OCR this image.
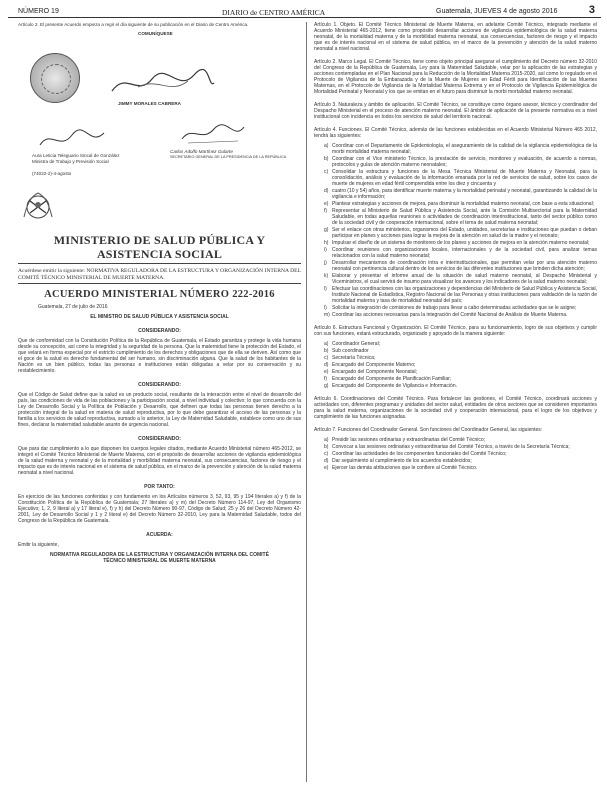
NÚMERO 19	DIARIO de CENTRO AMÉRICA	Guatemala, JUEVES 4 de agosto 2016	3

Artículo 2. El presente Acuerdo empieza a regir el día siguiente de su publicación en el Diario de Centro América.

COMUNÍQUESE
JIMMY MORALES CABRERA
Aura Leticia Teleguario Sincal de González
Ministra de Trabajo y Previsión Social
Carlos Adolfo Martínez Gularte
SECRETARIO GENERAL DE LA PRESIDENCIA DE LA REPÚBLICA
(74022-2)-4-agosto
MINISTERIO DE SALUD PÚBLICA Y ASISTENCIA SOCIAL

Acuérdese emitir la siguiente: NORMATIVA REGULADORA DE LA ESTRUCTURA Y ORGANIZACIÓN INTERNA DEL COMITÉ TÉCNICO MINISTERIAL DE MUERTE MATERNA.

ACUERDO MINISTERIAL NÚMERO 222-2016

Guatemala, 27 de julio de 2016

EL MINISTRO DE SALUD PÚBLICA Y ASISTENCIA SOCIAL

CONSIDERANDO:

Que de conformidad con la Constitución Política de la República de Guatemala, el Estado garantiza y protege la vida humana desde su concepción, así como la integridad y la seguridad de la persona. Que la maternidad tiene la protección del Estado, el que velará en forma especial por el estricto cumplimiento de los derechos y obligaciones que de ella se deriven. Así como que el goce de la salud es derecho fundamental del ser humano, sin discriminación alguna. Que la salud de los habitantes de la Nación es un bien público, todas las personas e instituciones están obligadas a velar por su conservación y su restablecimiento.

CONSIDERANDO:

Que el Código de Salud define que la salud es un producto social, resultante de la interacción entre el nivel de desarrollo del país, las condiciones de vida de las poblaciones y la participación social, a nivel individual y colectivo; lo que concuerda con la Ley de Desarrollo Social y la Política de Población y Desarrollo, que definen que todas las personas tienen derecho a la protección integral de la salud en materia de salud reproductiva, por lo que debe garantizar el acceso de las personas y la familia a los servicios de salud reproductiva, sumado a lo anterior, la Ley de Maternidad Saludable, establece como uno de sus fines, declarar la maternidad saludable asunto de urgencia nacional.

CONSIDERANDO:

Que para dar cumplimiento a lo que disponen los cuerpos legales citados, mediante Acuerdo Ministerial número 465-2012, se integró el Comité Técnico Ministerial de Muerte Materna, con el propósito de desarrollar acciones de vigilancia epidemiológica de la salud materna y neonatal y de la mortalidad y morbilidad materna neonatal, sus consecuencias, factores de riesgo y el impacto que es de interés nacional en el sistema de salud pública, en el marco de la prevención y atención de la salud materna neonatal a nivel nacional.

POR TANTO:

En ejercicio de las funciones conferidas y con fundamento en los Artículos números 3, 52, 93, 95 y 194 literales a) y f) de la Constitución Política de la República de Guatemala; 27 literales a) y m) del Decreto Número 114-97, Ley del Organismo Ejecutivo; 1, 2, 9 literal a) y 17 literal e), f) y h) del Decreto Número 90-97, Código de Salud; 25 y 26 del Decreto Número 42-2001, Ley de Desarrollo Social y 1 y 2 literal e) del Decreto Número 32-2010, Ley para la Maternidad Saludable, todos del Congreso de la República de Guatemala.

ACUERDA:

Emitir la siguiente,

NORMATIVA REGULADORA DE LA ESTRUCTURA Y ORGANIZACIÓN INTERNA DEL COMITÉ TÉCNICO MINISTERIAL DE MUERTE MATERNA

Artículo 1. Objeto. El Comité Técnico Ministerial de Muerte Materna, en adelante Comité Técnico, integrado mediante el Acuerdo Ministerial 465-2012, tiene como propósito desarrollar acciones de vigilancia epidemiológica de la salud materna neonatal, de la mortalidad materna y de la morbilidad materna neonatal, sus consecuencias, factores de riesgo y el impacto que es de interés nacional en el sistema de salud pública, en el marco de la prevención y atención de la salud materno neonatal a nivel nacional.

Artículo 2. Marco Legal. El Comité Técnico, tiene como objeto principal asegurar el cumplimiento del Decreto número 32-2010 del Congreso de la República de Guatemala, Ley para la Maternidad Saludable, velar por la aplicación de las estrategias y acciones contempladas en el Plan Nacional para la Reducción de la Mortalidad Materna 2015-2020, así como lo regulado en el Protocolo de Vigilancia de la Embarazada y de la Muerte de Mujeres en Edad Fértil para Identificación de las Muertes Maternas, en el Protocolo de Vigilancia de la Mortalidad Materna Extrema y en el Protocolo de Vigilancia Epidemiológica de Mortalidad Perinatal y Neonatal y los que se emitan en el futuro para disminuir la morbi mortalidad materno neonatal.

Artículo 3. Naturaleza y ámbito de aplicación. El Comité Técnico, se constituye como órgano asesor, técnico y coordinador del Despacho Ministerial en el proceso de atención materno neonatal. El ámbito de aplicación de la presente normativa es a nivel institucional con incidencia en todos los servicios de salud del territorio nacional.

Artículo 4. Funciones. El Comité Técnico, además de las funciones establecidas en el Acuerdo Ministerial Número 465 2012, tendrá las siguientes:

a) Coordinar con el Departamento de Epidemiología, el aseguramiento de la calidad de la vigilancia epidemiológica de la morbi mortalidad materna neonatal;
b) Coordinar con el Vice ministerio Técnico, la prestación de servicio, monitoreo y evaluación, de acuerdo a normas, protocolos y guías de atención materno neonatales;
c) Consolidar la estructura y funciones de la Mesa Técnica Ministerial de Muerte Materna y Neonatal, para la consolidación, análisis y evaluación de la información emanada por la red de servicios de salud, sobre los casos de muerte de mujeres en edad fértil comprendida entre los diez y cincuenta y
d) cuatro (10 y 54) años, para identificar muerte materna y la mortalidad perinatal y neonatal, garantizando la calidad de la vigilancia e información;
e) Plantear estrategias y acciones de mejora, para disminuir la mortalidad materno neonatal, con base a esta situacional;
f) Representar al Ministerio de Salud Pública y Asistencia Social, ante la Comisión Multisectorial para la Maternidad Saludable, en todas aquellas reuniones o actividades de coordinación interinstitucional, tanto del sector público como de la sociedad civil y de cooperación internacional, sobre el tema de salud materna neonatal;
g) Ser el enlace con otras ministerios, organismos del Estado, unidades, secretarías e instituciones que puedan o deban participar en planes y acciones para lograr la mejora de la atención en salud de la madre y el neonato;
h) Impulsar el diseño de un sistema de monitoreo de los planes y acciones de mejora en la atención materno neonatal;
i) Coordinar reuniones con organizaciones locales, internacionales y de la sociedad civil, para analizar temas relacionados con la salud materno neonatal;
j) Desarrollar mecanismos de coordinación intra e interinstitucionales, que permitan velar por una atención materno neonatal con pertinencia cultural dentro de los servicios de las diferentes instituciones que brinden dicha atención;
k) Elaborar y presentar el informe anual de la situación de salud materno neonatal, al Despacho Ministerial y Viceministros, el cual servirá de insumo para visualizar los avances y los indicadores de la salud materno neonatal;
l) Efectuar las coordinaciones con las organizaciones y dependencias del Ministerio de Salud Pública y Asistencia Social, Instituto Nacional de Estadística, Registro Nacional de las Personas y otras instituciones para validación de la razón de mortalidad materna y tasa de mortalidad neonatal del país;
l) Solicitar la integración de comisiones de trabajo para llevar a cabo determinadas actividades que se le asigne;
m) Coordinar las acciones necesarias para la integración del Comité Nacional de Análisis de Muerte Materna.

Artículo 6. Estructura Funcional y Organización. El Comité Técnico, para su funcionamiento, logro de sus objetivos y cumplir con sus funciones, estará estructurado, organizado y apoyado de la manera siguiente:

a) Coordinador General;
b) Sub coordinador
c) Secretaría Técnica;
d) Encargado del Componente Materno;
e) Encargado del Componente Neonatal;
f) Encargado del Componente de Planificación Familiar;
g) Encargado del Componente de Vigilancia e Información.

Artículo 6. Coordinaciones del Comité Técnico. Para fortalecer las gestiones, el Comité Técnico, coordinará acciones y actividades con, diferentes programas y unidades del sector salud, entidades de otros sectores que se consideren importantes para la salud materna, organizaciones de la sociedad civil y cooperación internacional, para el logro de los objetivos y cumplimiento de las funciones asignadas.

Artículo 7. Funciones del Coordinador General. Son funciones del Coordinador General, las siguientes:

a) Presidir las sesiones ordinarias y extraordinarias del Comité Técnico;
b) Convocar a las sesiones ordinarias y extraordinarias del Comité Técnico, a través de la Secretaría Técnica;
c) Coordinar las actividades de los componentes funcionales del Comité Técnico;
d) Dar seguimiento al cumplimiento de los acuerdos establecidos;
e) Ejercer las demás atribuciones que le confiere al Comité Técnico.
